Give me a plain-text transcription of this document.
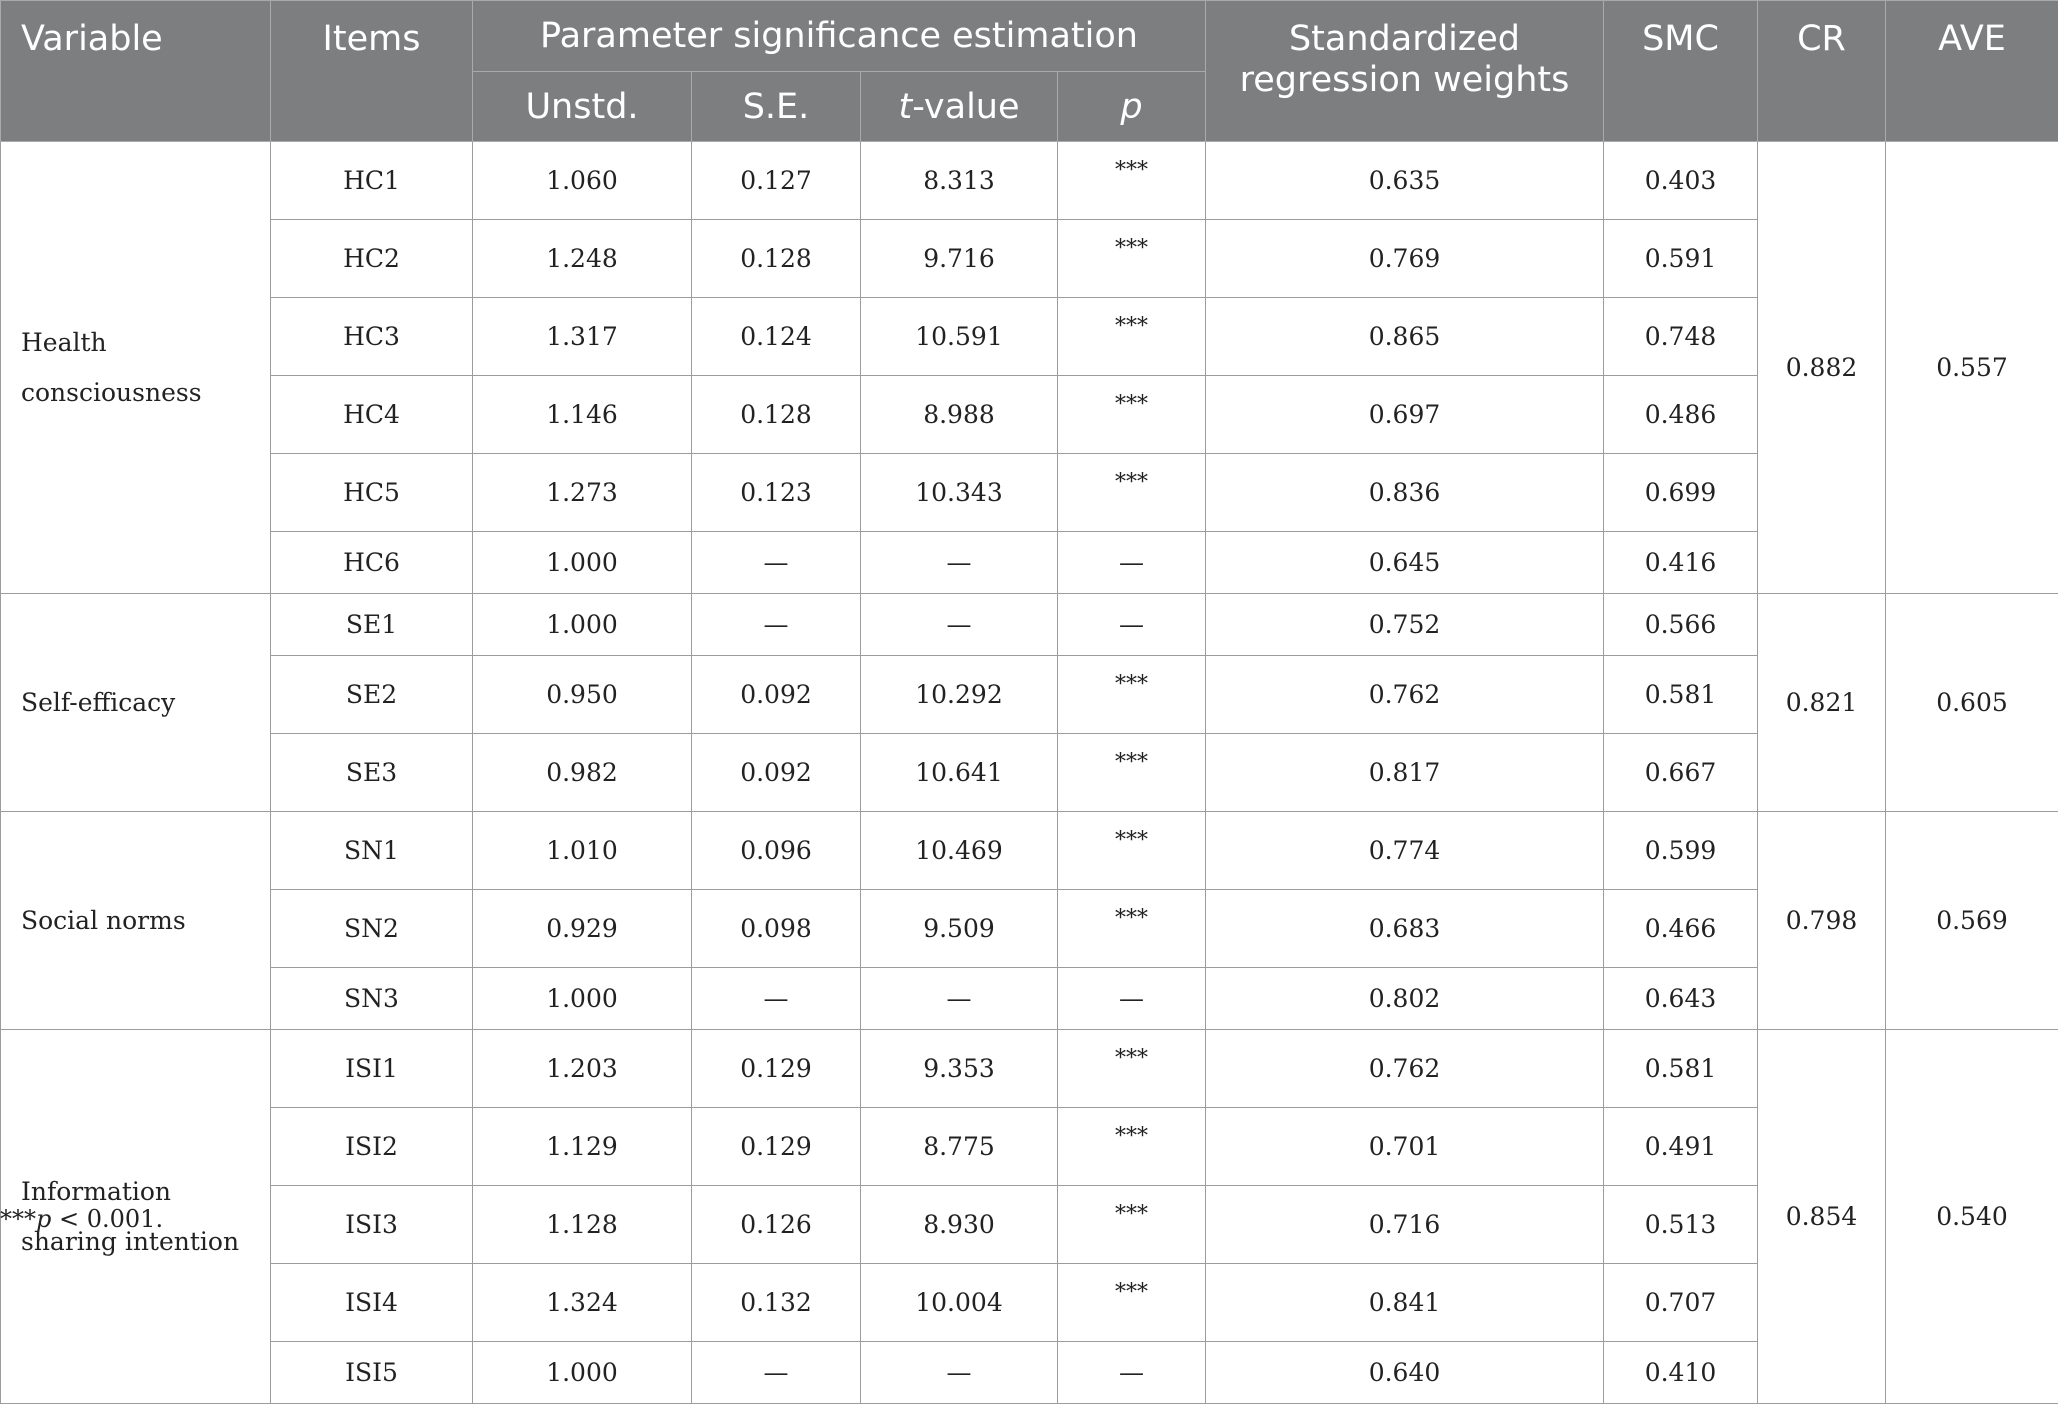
Variable	Items	Parameter significance estimation				Standardized
regression weights	SMC	CR	AVE
		Unstd.	S.E.	t-value	p				
Health
consciousness	HC1	1.060	0.127	8.313	***	0.635	0.403	0.882	0.557
	HC2	1.248	0.128	9.716	***	0.769	0.591		
	HC3	1.317	0.124	10.591	***	0.865	0.748		
	HC4	1.146	0.128	8.988	***	0.697	0.486		
	HC5	1.273	0.123	10.343	***	0.836	0.699		
	HC6	1.000	—	—	—	0.645	0.416		
Self-efficacy	SE1	1.000	—	—	—	0.752	0.566	0.821	0.605
	SE2	0.950	0.092	10.292	***	0.762	0.581		
	SE3	0.982	0.092	10.641	***	0.817	0.667		
Social norms	SN1	1.010	0.096	10.469	***	0.774	0.599	0.798	0.569
	SN2	0.929	0.098	9.509	***	0.683	0.466		
	SN3	1.000	—	—	—	0.802	0.643		
Information
sharing intention	ISI1	1.203	0.129	9.353	***	0.762	0.581	0.854	0.540
	ISI2	1.129	0.129	8.775	***	0.701	0.491		
	ISI3	1.128	0.126	8.930	***	0.716	0.513		
	ISI4	1.324	0.132	10.004	***	0.841	0.707		
	ISI5	1.000	—	—	—	0.640	0.410		
***p < 0.001.
